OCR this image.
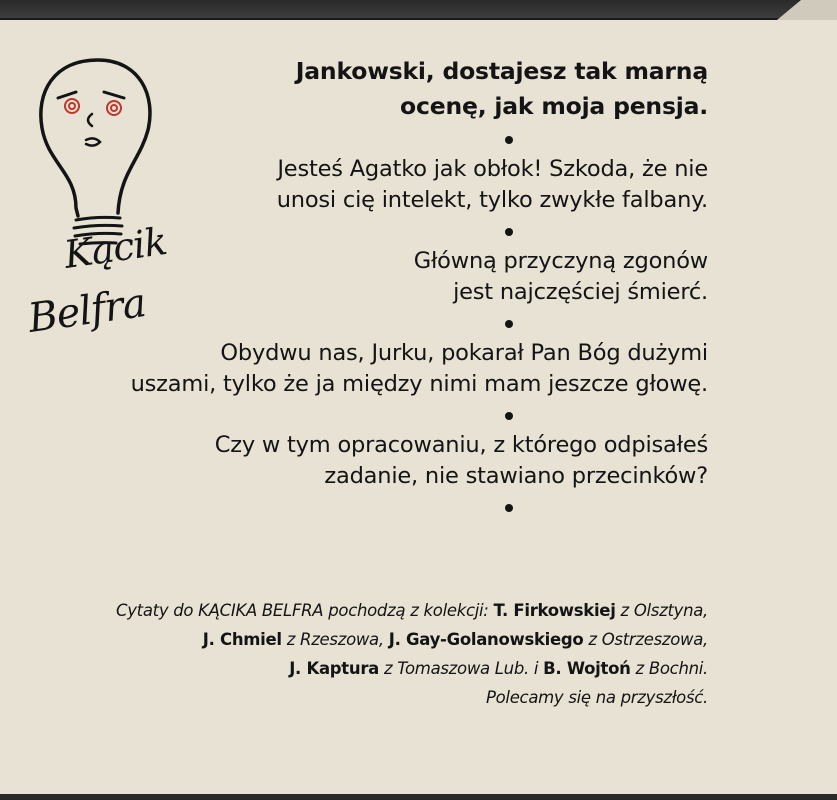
Kącik
Belfra

Jankowski, dostajesz tak marną
ocenę, jak moja pensja.

Jesteś Agatko jak obłok! Szkoda, że nie
unosi cię intelekt, tylko zwykłe falbany.

Główną przyczyną zgonów
jest najczęściej śmierć.

Obydwu nas, Jurku, pokarał Pan Bóg dużymi
uszami, tylko że ja między nimi mam jeszcze głowę.

Czy w tym opracowaniu, z którego odpisałeś
zadanie, nie stawiano przecinków?

Cytaty do KĄCIKA BELFRA pochodzą z kolekcji: T. Firkowskiej z Olsztyna,
J. Chmiel z Rzeszowa, J. Gay-Golanowskiego z Ostrzeszowa,
J. Kaptura z Tomaszowa Lub. i B. Wojtoń z Bochni.
Polecamy się na przyszłość.
